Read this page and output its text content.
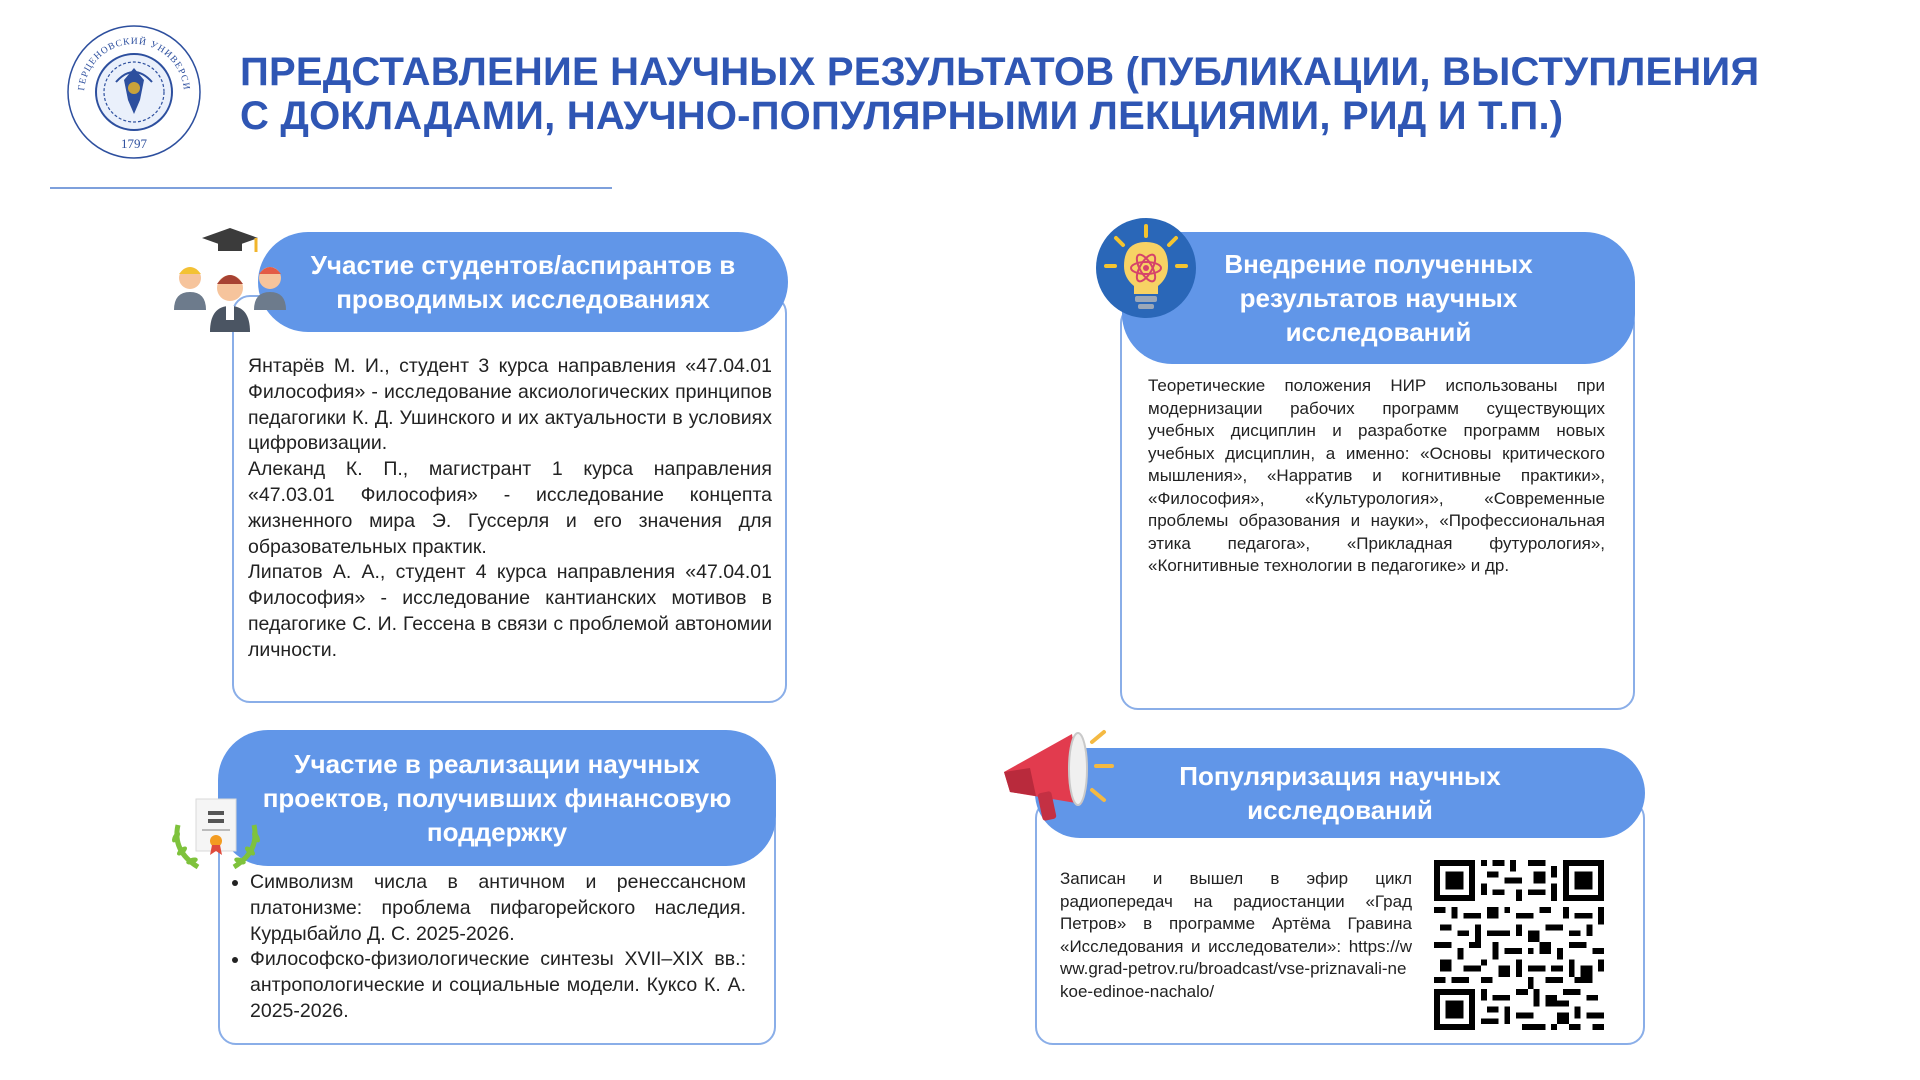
ГЕРЦЕНОВСКИЙ УНИВЕРСИ
1797
ПРЕДСТАВЛЕНИЕ НАУЧНЫХ РЕЗУЛЬТАТОВ (ПУБЛИКАЦИИ, ВЫСТУПЛЕНИЯ
С ДОКЛАДАМИ, НАУЧНО-ПОПУЛЯРНЫМИ ЛЕКЦИЯМИ, РИД И Т.П.)
Участие студентов/аспирантов в проводимых исследованиях

Янтарёв М. И., студент 3 курса направления «47.04.01 Философия» - исследование аксиологических принципов педагогики К. Д. Ушинского и их актуальности в условиях цифровизации.

Алеканд К. П., магистрант 1 курса направления «47.03.01 Философия» - исследование концепта жизненного мира Э. Гуссерля и его значения для образовательных практик.

Липатов А. А., студент 4 курса направления «47.04.01 Философия» - исследование кантианских мотивов в педагогике С. И. Гессена в связи с проблемой автономии личности.

Внедрение полученных результатов научных исследований
Теоретические положения НИР использованы при модернизации рабочих программ существующих учебных дисциплин и разработке программ новых учебных дисциплин, а именно: «Основы критического мышления», «Нарратив и когнитивные практики», «Философия», «Культурология», «Современные проблемы образования и науки», «Профессиональная этика педагога», «Прикладная футурология», «Когнитивные технологии в педагогике» и др.
Участие в реализации научных проектов, получивших финансовую поддержку
• Символизм числа в античном и ренессансном платонизме: проблема пифагорейского наследия. Курдыбайло Д. С. 2025-2026.
• Философско-физиологические синтезы XVII–XIX вв.: антропологические и социальные модели. Куксо К. А. 2025-2026.
Популяризация научных исследований
Записан и вышел в эфир цикл радиопередач на радиостанции «Град Петров» в программе Артёма Гравина «Исследования и исследователи»: https://www.grad-petrov.ru/broadcast/vse-priznavali-nekoe-edinoe-nachalo/
